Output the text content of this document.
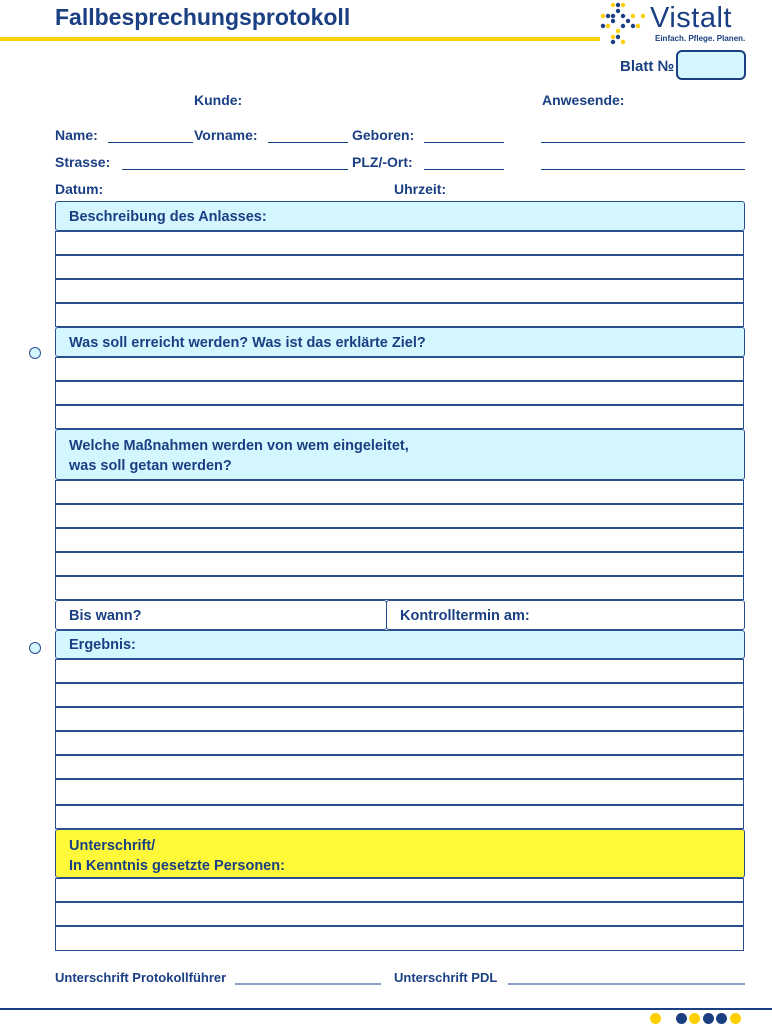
Fallbesprechungsprotokoll	Vistalt
Einfach. Pflege. Planen.
Blatt №
Kunde:	Anwesende:
Name:	Vorname:	Geboren:
Strasse:	PLZ/-Ort:
Datum:	Uhrzeit:
Beschreibung des Anlasses:
Was soll erreicht werden? Was ist das erklärte Ziel?
Welche Maßnahmen werden von wem eingeleitet,
was soll getan werden?
Bis wann?	Kontrolltermin am:
Ergebnis:
Unterschrift/
In Kenntnis gesetzte Personen:
Unterschrift Protokollführer	Unterschrift PDL
